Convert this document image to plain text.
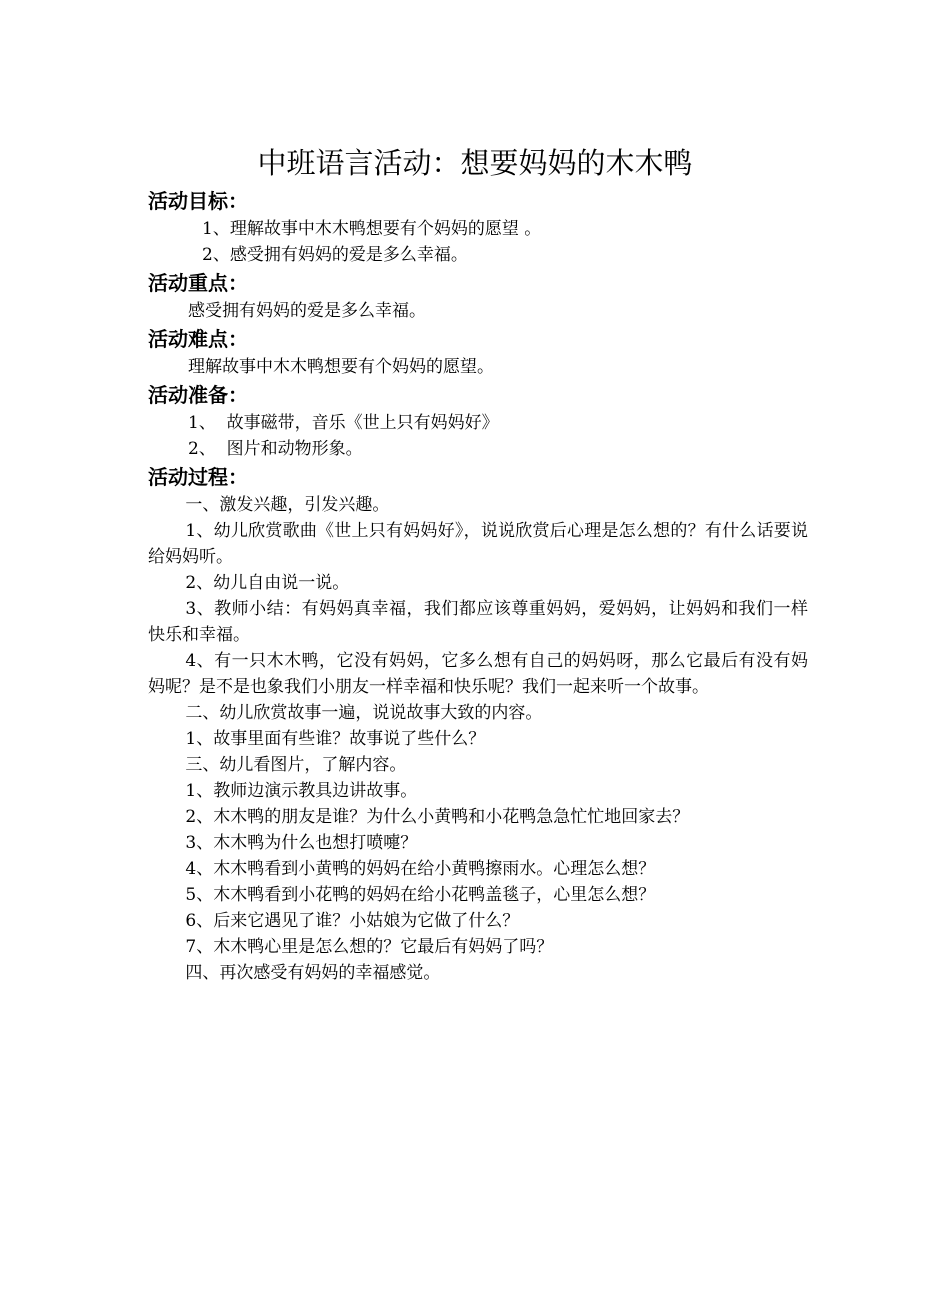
中班语言活动：想要妈妈的木木鸭
活动目标：

1、理解故事中木木鸭想要有个妈妈的愿望 。

2、感受拥有妈妈的爱是多么幸福。

活动重点：

感受拥有妈妈的爱是多么幸福。

活动难点：

理解故事中木木鸭想要有个妈妈的愿望。

活动准备：

1、  故事磁带，音乐《世上只有妈妈好》

2、  图片和动物形象。

活动过程：

一、激发兴趣，引发兴趣。

1、幼儿欣赏歌曲《世上只有妈妈好》，说说欣赏后心理是怎么想的？有什么话要说给妈妈听。

2、幼儿自由说一说。

3、教师小结：有妈妈真幸福，我们都应该尊重妈妈，爱妈妈，让妈妈和我们一样快乐和幸福。

4、有一只木木鸭，它没有妈妈，它多么想有自己的妈妈呀，那么它最后有没有妈妈呢？是不是也象我们小朋友一样幸福和快乐呢？我们一起来听一个故事。

二、幼儿欣赏故事一遍，说说故事大致的内容。

1、故事里面有些谁？故事说了些什么？

三、幼儿看图片，了解内容。

1、教师边演示教具边讲故事。

2、木木鸭的朋友是谁？为什么小黄鸭和小花鸭急急忙忙地回家去？

3、木木鸭为什么也想打喷嚏？

4、木木鸭看到小黄鸭的妈妈在给小黄鸭擦雨水。心理怎么想？

5、木木鸭看到小花鸭的妈妈在给小花鸭盖毯子，心里怎么想？

6、后来它遇见了谁？小姑娘为它做了什么？

7、木木鸭心里是怎么想的？它最后有妈妈了吗？

四、再次感受有妈妈的幸福感觉。
